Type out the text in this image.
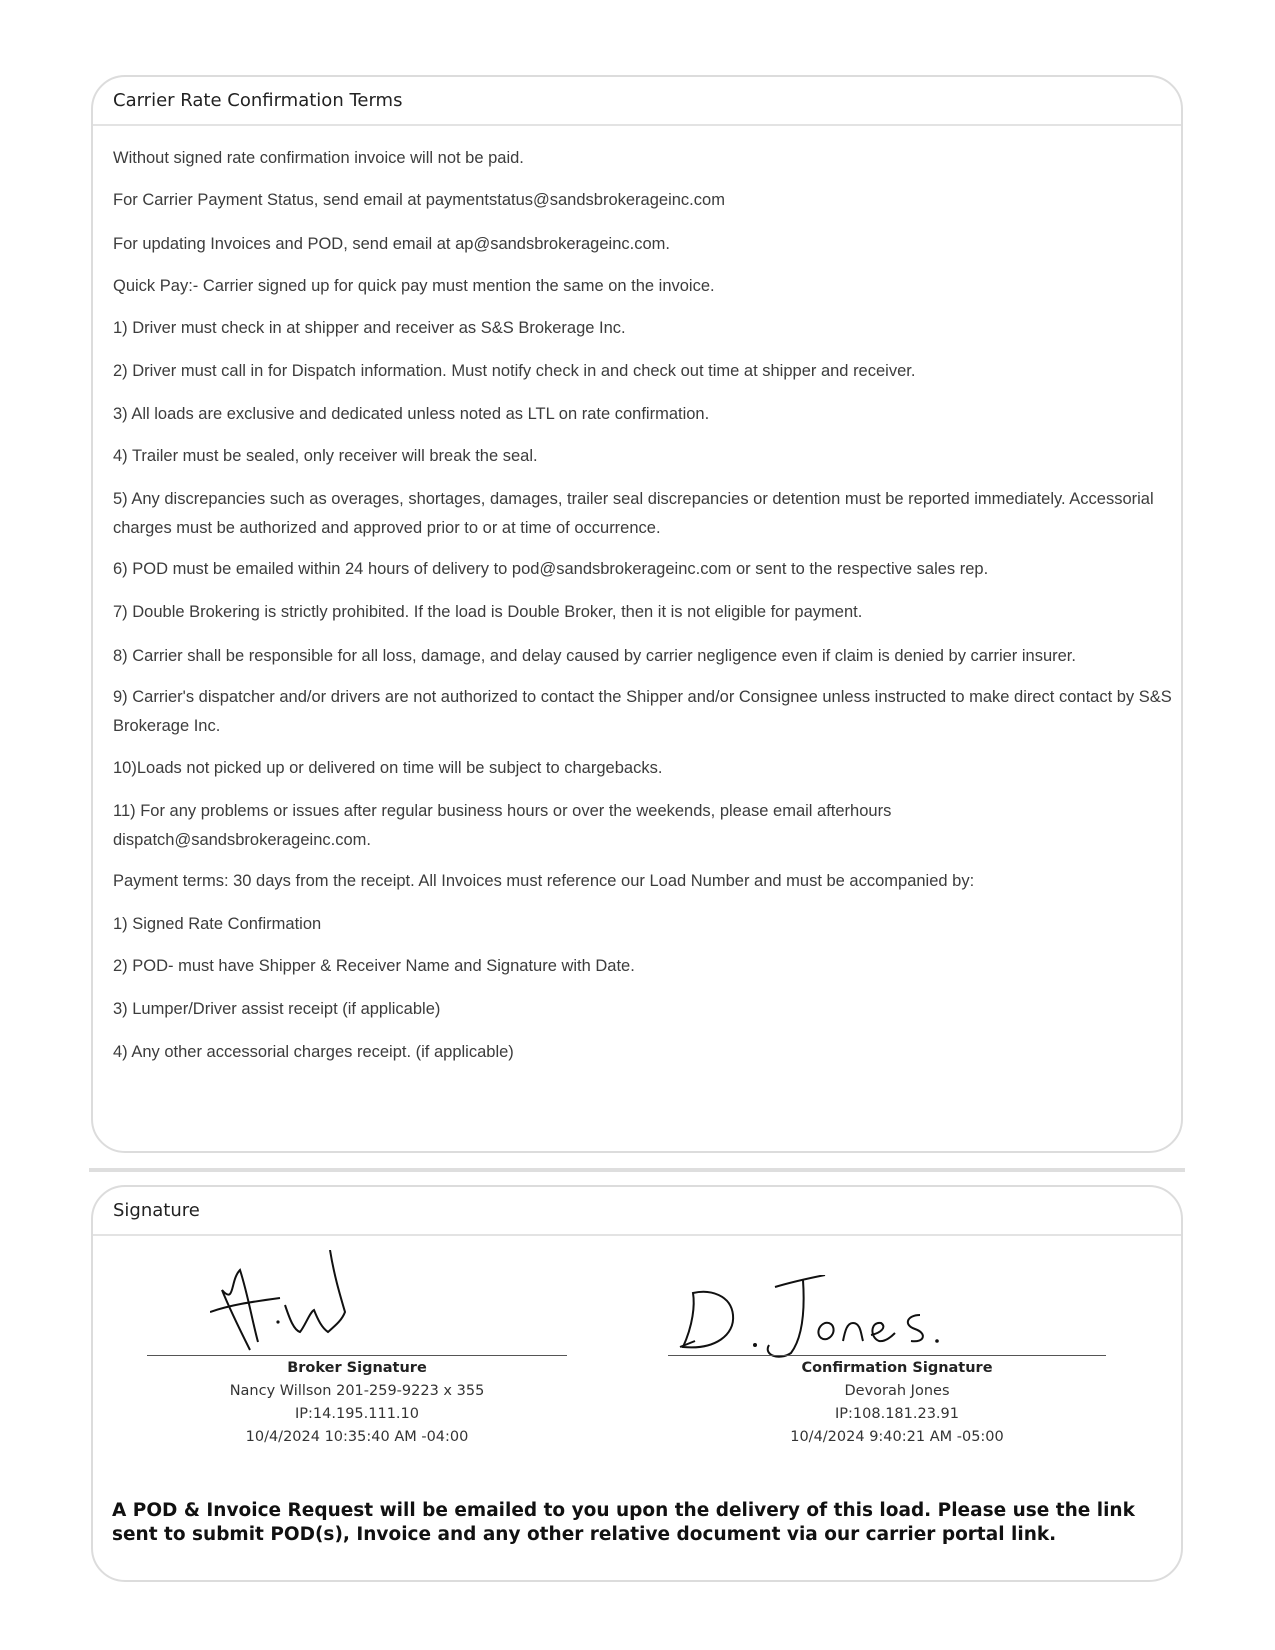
Carrier Rate Confirmation Terms
Without signed rate confirmation invoice will not be paid.
For Carrier Payment Status, send email at paymentstatus@sandsbrokerageinc.com
For updating Invoices and POD, send email at ap@sandsbrokerageinc.com.
Quick Pay:- Carrier signed up for quick pay must mention the same on the invoice.
1) Driver must check in at shipper and receiver as S&S Brokerage Inc.
2) Driver must call in for Dispatch information. Must notify check in and check out time at shipper and receiver.
3) All loads are exclusive and dedicated unless noted as LTL on rate confirmation.
4) Trailer must be sealed, only receiver will break the seal.
5) Any discrepancies such as overages, shortages, damages, trailer seal discrepancies or detention must be reported immediately. Accessorial charges must be authorized and approved prior to or at time of occurrence.
6) POD must be emailed within 24 hours of delivery to pod@sandsbrokerageinc.com or sent to the respective sales rep.
7) Double Brokering is strictly prohibited. If the load is Double Broker, then it is not eligible for payment.
8) Carrier shall be responsible for all loss, damage, and delay caused by carrier negligence even if claim is denied by carrier insurer.
9) Carrier's dispatcher and/or drivers are not authorized to contact the Shipper and/or Consignee unless instructed to make direct contact by S&S Brokerage Inc.
10)Loads not picked up or delivered on time will be subject to chargebacks.
11) For any problems or issues after regular business hours or over the weekends, please email afterhours dispatch@sandsbrokerageinc.com.
Payment terms: 30 days from the receipt. All Invoices must reference our Load Number and must be accompanied by:
1) Signed Rate Confirmation
2) POD- must have Shipper & Receiver Name and Signature with Date.
3) Lumper/Driver assist receipt (if applicable)
4) Any other accessorial charges receipt. (if applicable)
Signature
Broker Signature
Nancy Willson 201-259-9223 x 355
IP:14.195.111.10
10/4/2024 10:35:40 AM -04:00
Confirmation Signature
Devorah Jones
IP:108.181.23.91
10/4/2024 9:40:21 AM -05:00
A POD & Invoice Request will be emailed to you upon the delivery of this load. Please use the link sent to submit POD(s), Invoice and any other relative document via our carrier portal link.
